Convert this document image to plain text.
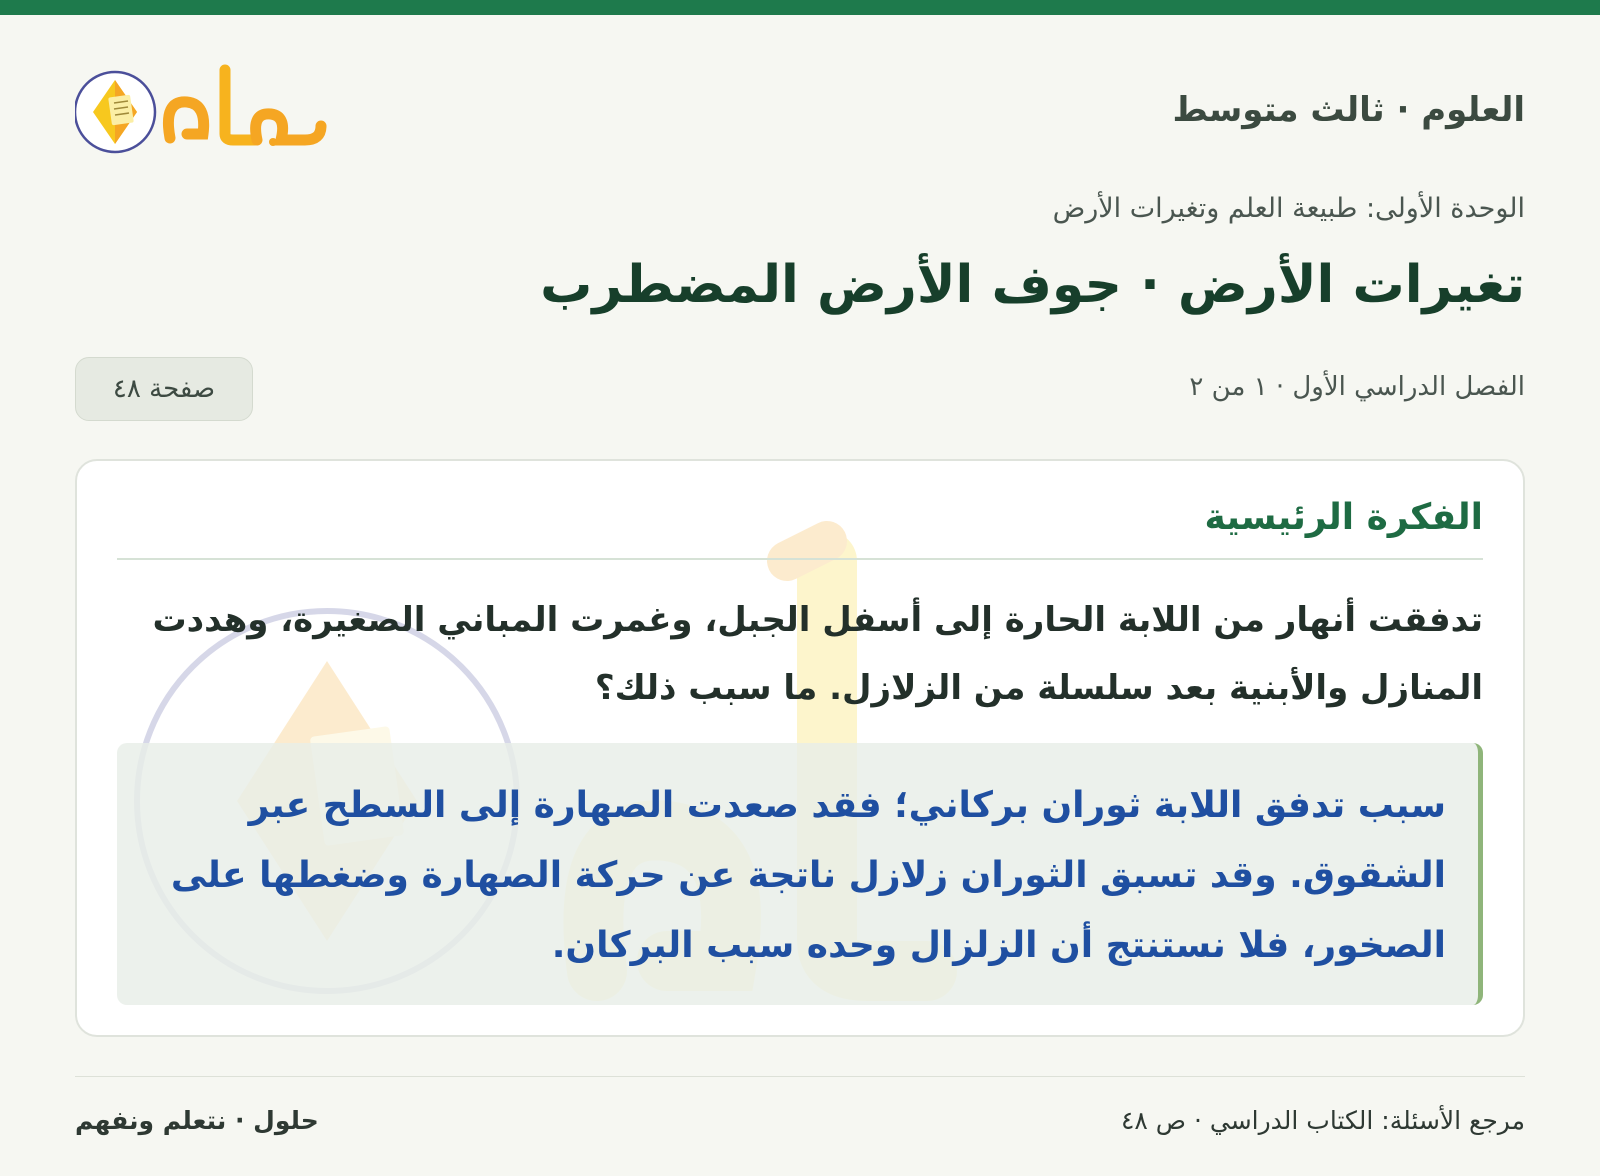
العلوم · ثالث متوسط
الوحدة الأولى: طبيعة العلم وتغيرات الأرض
تغيرات الأرض · جوف الأرض المضطرب
الفصل الدراسي الأول · ١ من ٢
صفحة ٤٨
الفكرة الرئيسية

تدفقت أنهار من اللابة الحارة إلى أسفل الجبل، وغمرت المباني الصغيرة، وهددت المنازل والأبنية بعد سلسلة من الزلازل. ما سبب ذلك؟

سبب تدفق اللابة ثوران بركاني؛ فقد صعدت الصهارة إلى السطح عبر الشقوق. وقد تسبق الثوران زلازل ناتجة عن حركة الصهارة وضغطها على الصخور، فلا نستنتج أن الزلزال وحده سبب البركان.
مرجع الأسئلة: الكتاب الدراسي · ص ٤٨
حلول · نتعلم ونفهم
